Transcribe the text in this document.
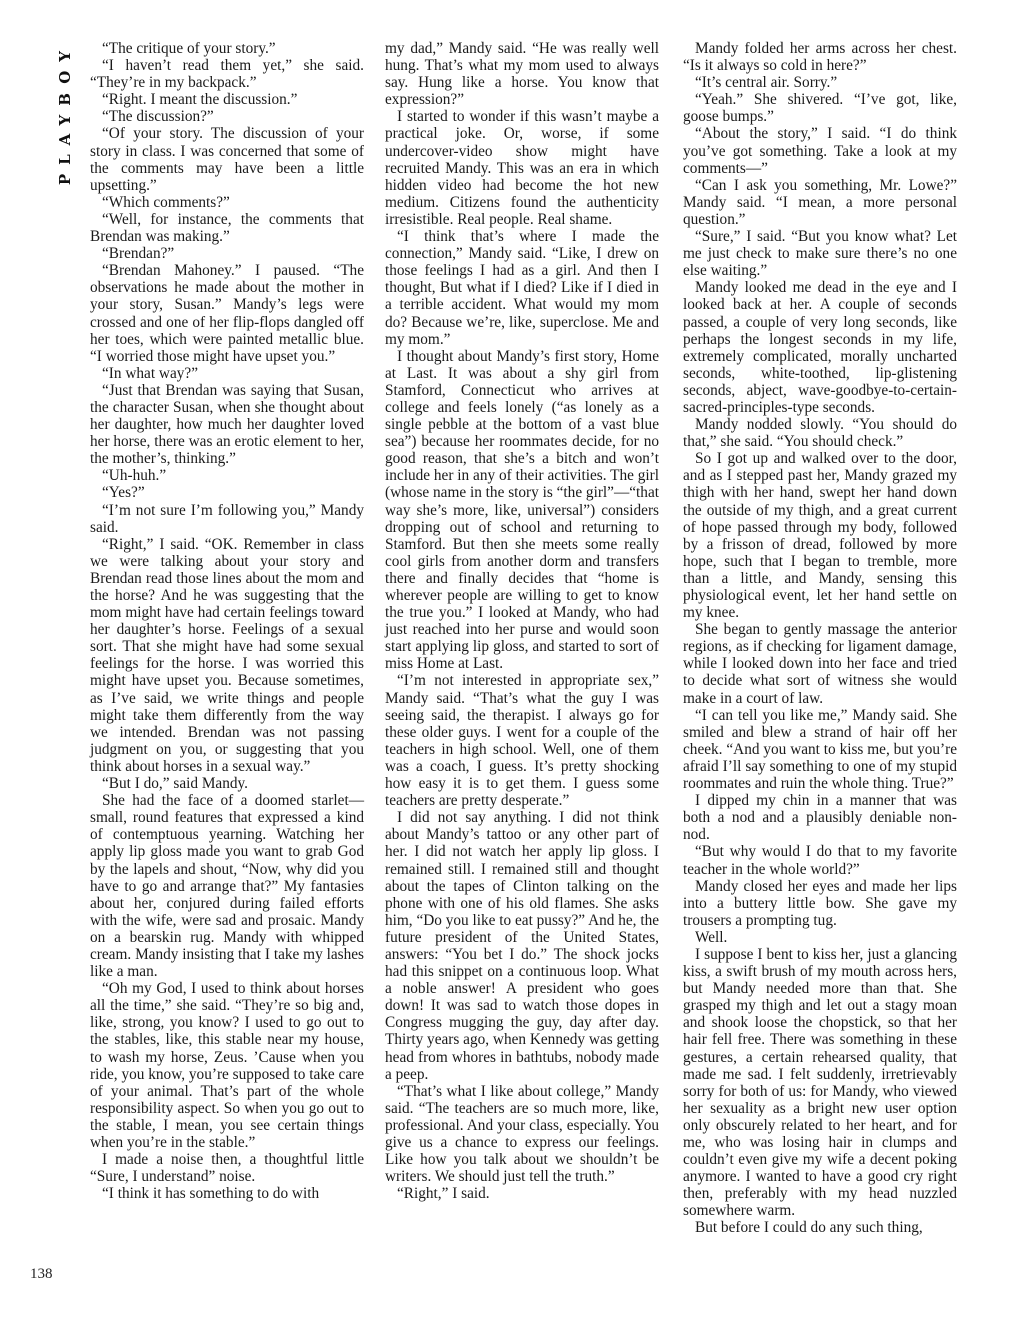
PLAYBOY	“The critique of your story.”

“I haven’t read them yet,” she said. “They’re in my backpack.”

“Right. I meant the discussion.”

“The discussion?”

“Of your story. The discussion of your story in class. I was concerned that some of the comments may have been a little upsetting.”

“Which comments?”

“Well, for instance, the comments that Brendan was making.”

“Brendan?”

“Brendan Mahoney.” I paused. “The observations he made about the mother in your story, Susan.” Mandy’s legs were crossed and one of her flip-flops dangled off her toes, which were painted metallic blue. “I worried those might have upset you.”

“In what way?”

“Just that Brendan was saying that Susan, the character Susan, when she thought about her daughter, how much her daughter loved her horse, there was an erotic element to her, the mother’s, thinking.”

“Uh-huh.”

“Yes?”

“I’m not sure I’m following you,” Mandy said.

“Right,” I said. “OK. Remember in class we were talking about your story and Brendan read those lines about the mom and the horse? And he was suggesting that the mom might have had certain feelings toward her daughter’s horse. Feelings of a sexual sort. That she might have had some sexual feelings for the horse. I was worried this might have upset you. Because sometimes, as I’ve said, we write things and people might take them differently from the way we intended. Brendan was not passing judgment on you, or suggesting that you think about horses in a sexual way.”

“But I do,” said Mandy.

She had the face of a doomed starlet—small, round features that expressed a kind of contemptuous yearning. Watching her apply lip gloss made you want to grab God by the lapels and shout, “Now, why did you have to go and arrange that?” My fantasies about her, conjured during failed efforts with the wife, were sad and prosaic. Mandy on a bearskin rug. Mandy with whipped cream. Mandy insisting that I take my lashes like a man.

“Oh my God, I used to think about horses all the time,” she said. “They’re so big and, like, strong, you know? I used to go out to the stables, like, this stable near my house, to wash my horse, Zeus. ’Cause when you ride, you know, you’re supposed to take care of your animal. That’s part of the whole responsibility aspect. So when you go out to the stable, I mean, you see certain things when you’re in the stable.”

I made a noise then, a thoughtful little “Sure, I understand” noise.

“I think it has something to do with

my dad,” Mandy said. “He was really well hung. That’s what my mom used to always say. Hung like a horse. You know that expression?”

I started to wonder if this wasn’t maybe a practical joke. Or, worse, if some undercover-video show might have recruited Mandy. This was an era in which hidden video had become the hot new medium. Citizens found the authenticity irresistible. Real people. Real shame.

“I think that’s where I made the connection,” Mandy said. “Like, I drew on those feelings I had as a girl. And then I thought, But what if I died? Like if I died in a terrible accident. What would my mom do? Because we’re, like, superclose. Me and my mom.”

I thought about Mandy’s first story, Home at Last. It was about a shy girl from Stamford, Connecticut who arrives at college and feels lonely (“as lonely as a single pebble at the bottom of a vast blue sea”) because her roommates decide, for no good reason, that she’s a bitch and won’t include her in any of their activities. The girl (whose name in the story is “the girl”—“that way she’s more, like, universal”) considers dropping out of school and returning to Stamford. But then she meets some really cool girls from another dorm and transfers there and finally decides that “home is wherever people are willing to get to know the true you.” I looked at Mandy, who had just reached into her purse and would soon start applying lip gloss, and started to sort of miss Home at Last.

“I’m not interested in appropriate sex,” Mandy said. “That’s what the guy I was seeing said, the therapist. I always go for these older guys. I went for a couple of the teachers in high school. Well, one of them was a coach, I guess. It’s pretty shocking how easy it is to get them. I guess some teachers are pretty desperate.”

I did not say anything. I did not think about Mandy’s tattoo or any other part of her. I did not watch her apply lip gloss. I remained still. I remained still and thought about the tapes of Clinton talking on the phone with one of his old flames. She asks him, “Do you like to eat pussy?” And he, the future president of the United States, answers: “You bet I do.” The shock jocks had this snippet on a continuous loop. What a noble answer! A president who goes down! It was sad to watch those dopes in Congress mugging the guy, day after day. Thirty years ago, when Kennedy was getting head from whores in bathtubs, nobody made a peep.

“That’s what I like about college,” Mandy said. “The teachers are so much more, like, professional. And your class, especially. You give us a chance to express our feelings. Like how you talk about we shouldn’t be writers. We should just tell the truth.”

“Right,” I said.

Mandy folded her arms across her chest. “Is it always so cold in here?”

“It’s central air. Sorry.”

“Yeah.” She shivered. “I’ve got, like, goose bumps.”

“About the story,” I said. “I do think you’ve got something. Take a look at my comments—”

“Can I ask you something, Mr. Lowe?” Mandy said. “I mean, a more personal question.”

“Sure,” I said. “But you know what? Let me just check to make sure there’s no one else waiting.”

Mandy looked me dead in the eye and I looked back at her. A couple of seconds passed, a couple of very long seconds, like perhaps the longest seconds in my life, extremely complicated, morally uncharted seconds, white-toothed, lip-glistening seconds, abject, wave-goodbye-to-certain-sacred-principles-type seconds.

Mandy nodded slowly. “You should do that,” she said. “You should check.”

So I got up and walked over to the door, and as I stepped past her, Mandy grazed my thigh with her hand, swept her hand down the outside of my thigh, and a great current of hope passed through my body, followed by a frisson of dread, followed by more hope, such that I began to tremble, more than a little, and Mandy, sensing this physiological event, let her hand settle on my knee.

She began to gently massage the anterior regions, as if checking for ligament damage, while I looked down into her face and tried to decide what sort of witness she would make in a court of law.

“I can tell you like me,” Mandy said. She smiled and blew a strand of hair off her cheek. “And you want to kiss me, but you’re afraid I’ll say something to one of my stupid roommates and ruin the whole thing. True?”

I dipped my chin in a manner that was both a nod and a plausibly deniable non-nod.

“But why would I do that to my favorite teacher in the whole world?”

Mandy closed her eyes and made her lips into a buttery little bow. She gave my trousers a prompting tug.

Well.

I suppose I bent to kiss her, just a glancing kiss, a swift brush of my mouth across hers, but Mandy needed more than that. She grasped my thigh and let out a stagy moan and shook loose the chopstick, so that her hair fell free. There was something in these gestures, a certain rehearsed quality, that made me sad. I felt suddenly, irretrievably sorry for both of us: for Mandy, who viewed her sexuality as a bright new user option only obscurely related to her heart, and for me, who was losing hair in clumps and couldn’t even give my wife a decent poking anymore. I wanted to have a good cry right then, preferably with my head nuzzled somewhere warm.

But before I could do any such thing,

138
